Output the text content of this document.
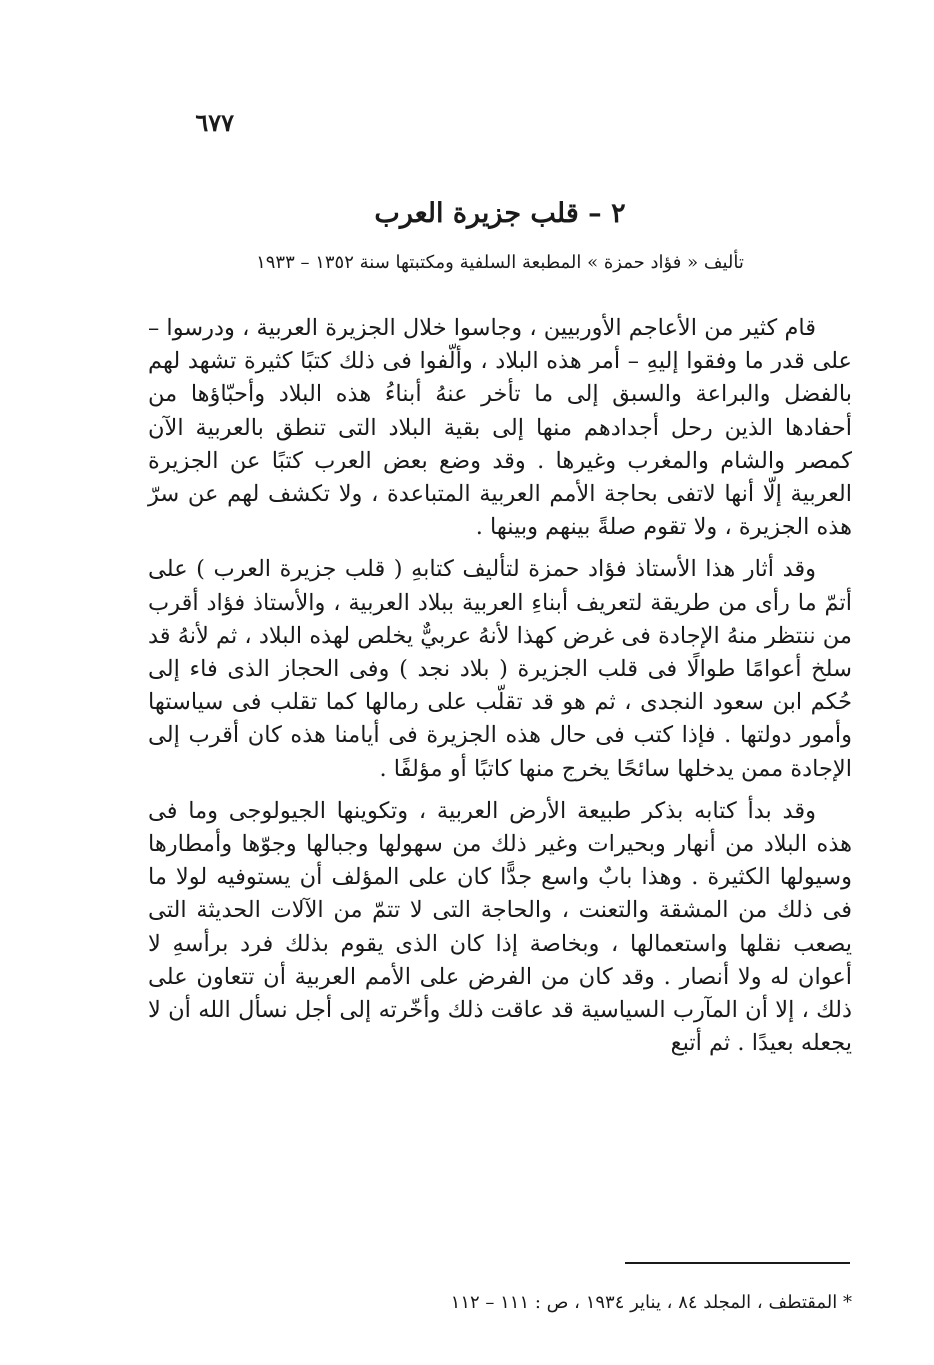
٦٧٧
٢ – قلب جزيرة العرب
تأليف « فؤاد حمزة » المطبعة السلفية ومكتبتها سنة ١٣٥٢ – ١٩٣٣

قام كثير من الأعاجم الأوربيين ، وجاسوا خلال الجزيرة العربية ، ودرسوا – على قدر ما وفقوا إليهِ – أمر هذه البلاد ، وألّفوا فى ذلك كتبًا كثيرة تشهد لهم بالفضل والبراعة والسبق إلى ما تأخر عنهُ أبناءُ هذه البلاد وأحبّاؤها من أحفادها الذين رحل أجدادهم منها إلى بقية البلاد التى تنطق بالعربية الآن كمصر والشام والمغرب وغيرها . وقد وضع بعض العرب كتبًا عن الجزيرة العربية إلّا أنها لاتفى بحاجة الأمم العربية المتباعدة ، ولا تكشف لهم عن سرّ هذه الجزيرة ، ولا تقوم صلةً بينهم وبينها .

وقد أثار هذا الأستاذ فؤاد حمزة لتأليف كتابهِ ( قلب جزيرة العرب ) على أتمّ ما رأى من طريقة لتعريف أبناءِ العربية ببلاد العربية ، والأستاذ فؤاد أقرب من ننتظر منهُ الإجادة فى غرض كهذا لأنهُ عربيٌّ يخلص لهذه البلاد ، ثم لأنهُ قد سلخ أعوامًا طوالًا فى قلب الجزيرة ( بلاد نجد ) وفى الحجاز الذى فاء إلى حُكم ابن سعود النجدى ، ثم هو قد تقلّب على رمالها كما تقلب فى سياستها وأمور دولتها . فإذا كتب فى حال هذه الجزيرة فى أيامنا هذه كان أقرب إلى الإجادة ممن يدخلها سائحًا يخرج منها كاتبًا أو مؤلفًا .

وقد بدأ كتابه بذكر طبيعة الأرض العربية ، وتكوينها الجيولوجى وما فى هذه البلاد من أنهار وبحيرات وغير ذلك من سهولها وجبالها وجوّها وأمطارها وسيولها الكثيرة . وهذا بابٌ واسع جدًّا كان على المؤلف أن يستوفيه لولا ما فى ذلك من المشقة والتعنت ، والحاجة التى لا تتمّ من الآلات الحديثة التى يصعب نقلها واستعمالها ، وبخاصة إذا كان الذى يقوم بذلك فرد برأسهِ لا أعوان له ولا أنصار . وقد كان من الفرض على الأمم العربية أن تتعاون على ذلك ، إلا أن المآرب السياسية قد عاقت ذلك وأخّرته إلى أجل نسأل الله أن لا يجعله بعيدًا . ثم أتبع

* المقتطف ، المجلد ٨٤ ، يناير ١٩٣٤ ، ص : ١١١ – ١١٢
